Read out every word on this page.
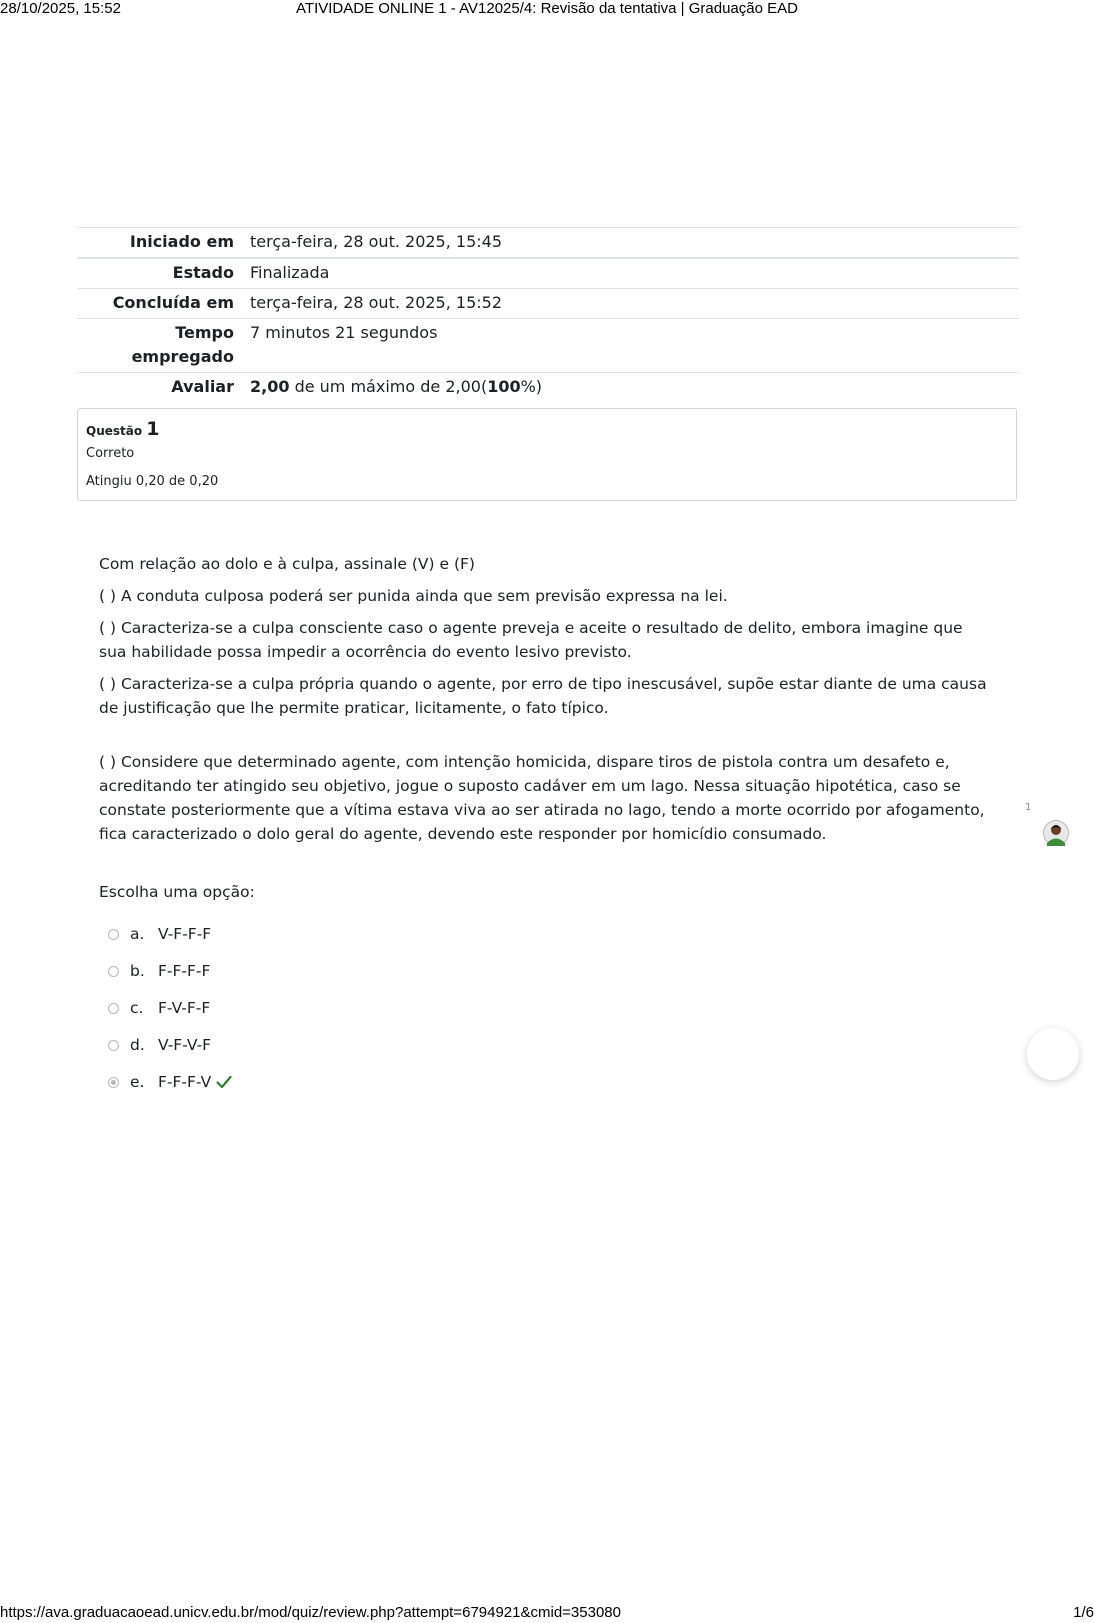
28/10/2025, 15:52	ATIVIDADE ONLINE 1 - AV12025/4: Revisão da tentativa | Graduação EAD
Iniciado em	terça-feira, 28 out. 2025, 15:45
Estado	Finalizada
Concluída em	terça-feira, 28 out. 2025, 15:52
Tempo
empregado	7 minutos 21 segundos
Avaliar	2,00 de um máximo de 2,00(100%)
Questão 1
Correto
Atingiu 0,20 de 0,20

Com relação ao dolo e à culpa, assinale (V) e (F)

( ) A conduta culposa poderá ser punida ainda que sem previsão expressa na lei.

( ) Caracteriza-se a culpa consciente caso o agente preveja e aceite o resultado de delito, embora imagine que sua habilidade possa impedir a ocorrência do evento lesivo previsto.

( ) Caracteriza-se a culpa própria quando o agente, por erro de tipo inescusável, supõe estar diante de uma causa de justificação que lhe permite praticar, licitamente, o fato típico.

( ) Considere que determinado agente, com intenção homicida, dispare tiros de pistola contra um desafeto e, acreditando ter atingido seu objetivo, jogue o suposto cadáver em um lago. Nessa situação hipotética, caso se constate posteriormente que a vítima estava viva ao ser atirada no lago, tendo a morte ocorrido por afogamento, fica caracterizado o dolo geral do agente, devendo este responder por homicídio consumado.

Escolha uma opção:
a. V-F-F-F
b. F-F-F-F
c. F-V-F-F
d. V-F-V-F
e. F-F-F-V
1
https://ava.graduacaoead.unicv.edu.br/mod/quiz/review.php?attempt=6794921&cmid=353080	1/6
